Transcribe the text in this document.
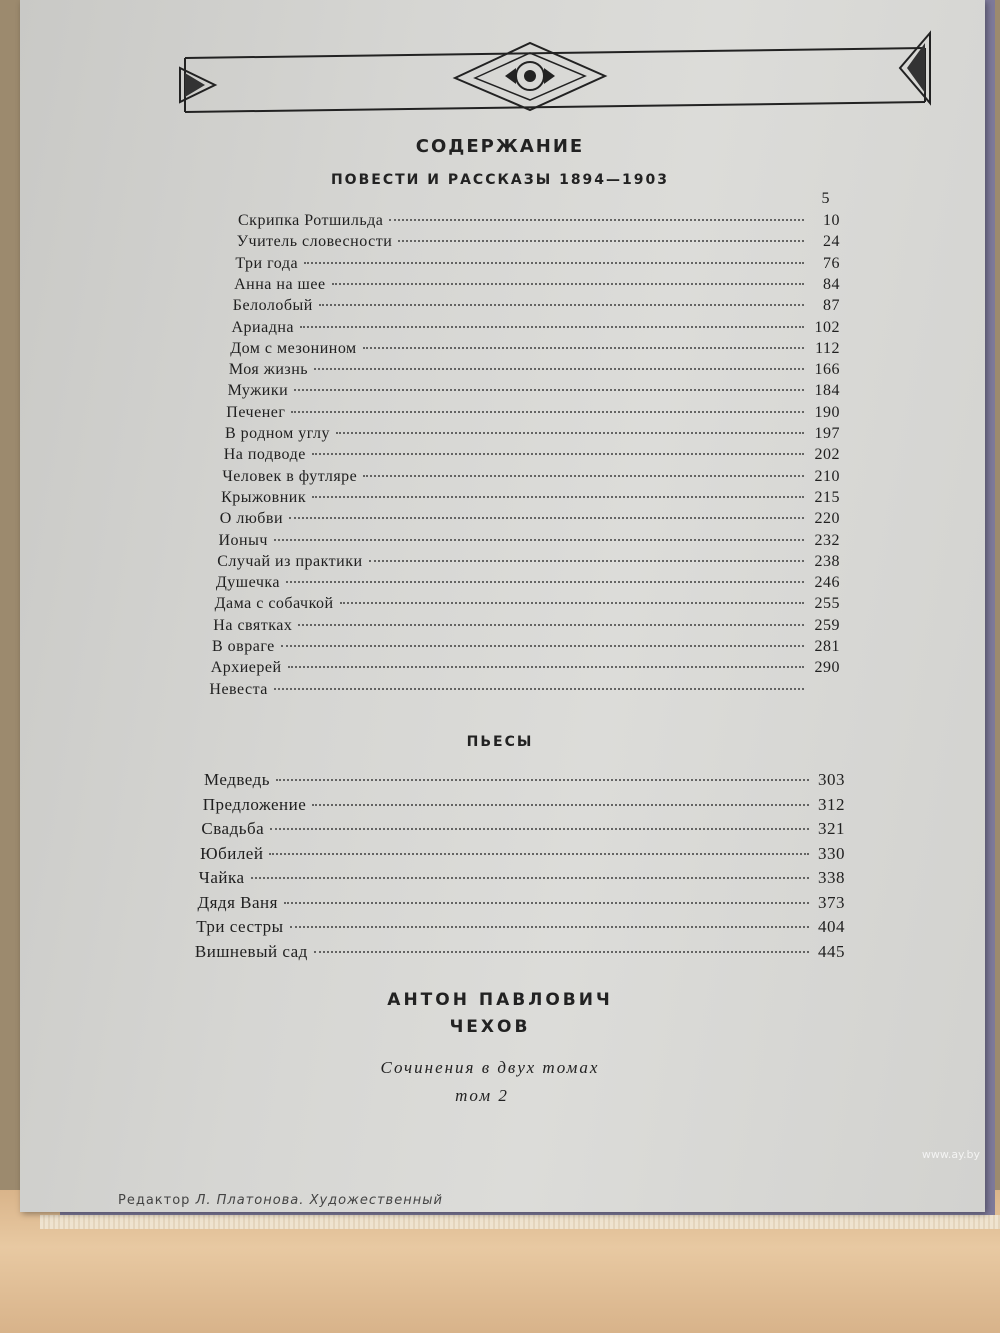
СОДЕРЖАНИЕ
ПОВЕСТИ И РАССКАЗЫ 1894—1903
5
Скрипка Ротшильда	10
Учитель словесности	24
Три года	76
Анна на шее	84
Белолобый	87
Ариадна	102
Дом с мезонином	112
Моя жизнь	166
Мужики	184
Печенег	190
В родном углу	197
На подводе	202
Человек в футляре	210
Крыжовник	215
О любви	220
Ионыч	232
Случай из практики	238
Душечка	246
Дама с собачкой	255
На святках	259
В овраге	281
Архиерей	290
Невеста
ПЬЕСЫ
Медведь	303
Предложение	312
Свадьба	321
Юбилей	330
Чайка	338
Дядя Ваня	373
Три сестры	404
Вишневый сад	445
АНТОН ПАВЛОВИЧ
ЧЕХОВ
Сочинения в двух томах
том 2
Редактор Л. Платонова. Художественный
www.ay.by
